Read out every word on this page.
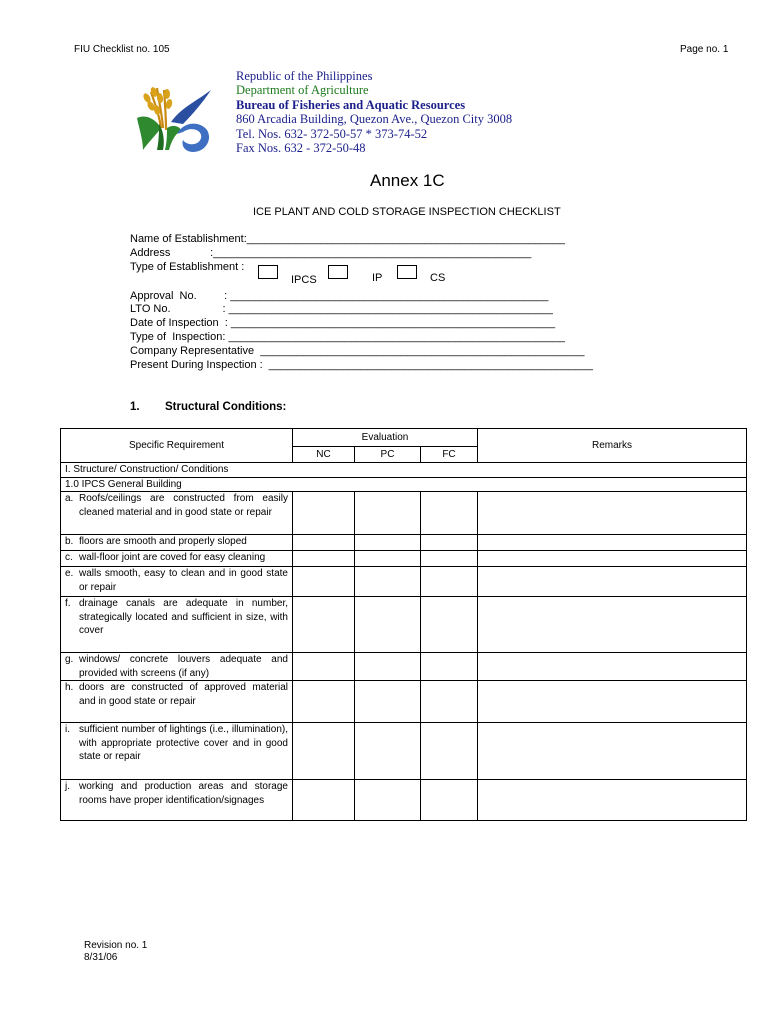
FIU Checklist no. 105	Page no. 1
Republic of the Philippines
Department of Agriculture
Bureau of Fisheries and Aquatic Resources
860 Arcadia Building, Quezon Ave., Quezon City 3008
Tel. Nos. 632- 372-50-57 * 373-74-52
Fax Nos. 632 - 372-50-48
Annex 1C
ICE PLANT AND COLD STORAGE INSPECTION CHECKLIST
Name of Establishment:____________________________________________________
Address             :____________________________________________________
Type of Establishment :
IPCS	IP	CS
Approval  No.         : ____________________________________________________
LTO No.                 : _____________________________________________________
Date of Inspection  : _____________________________________________________
Type of  Inspection: _______________________________________________________
Company Representative  _____________________________________________________
Present During Inspection :  _____________________________________________________
1. Structural Conditions:
Specific Requirement	Evaluation			Remarks
	NC	PC	FC	
I. Structure/ Construction/ Conditions				
1.0 IPCS General Building				

a. Roofs/ceilings are constructed from easily cleaned material and in good state or repair				

b. floors are smooth and properly sloped				

c. wall-floor joint are coved for easy cleaning				

e. walls smooth, easy to clean and in good state or repair				

f. drainage canals are adequate in number, strategically located and sufficient in size, with cover				

g. windows/ concrete louvers adequate and provided with screens (if any)				

h. doors are constructed of approved material and in good state or repair				

i. sufficient number of lightings (i.e., illumination), with appropriate protective cover and in good state or repair				

j. working and production areas and storage rooms have proper identification/signages				

Revision no. 1
8/31/06
